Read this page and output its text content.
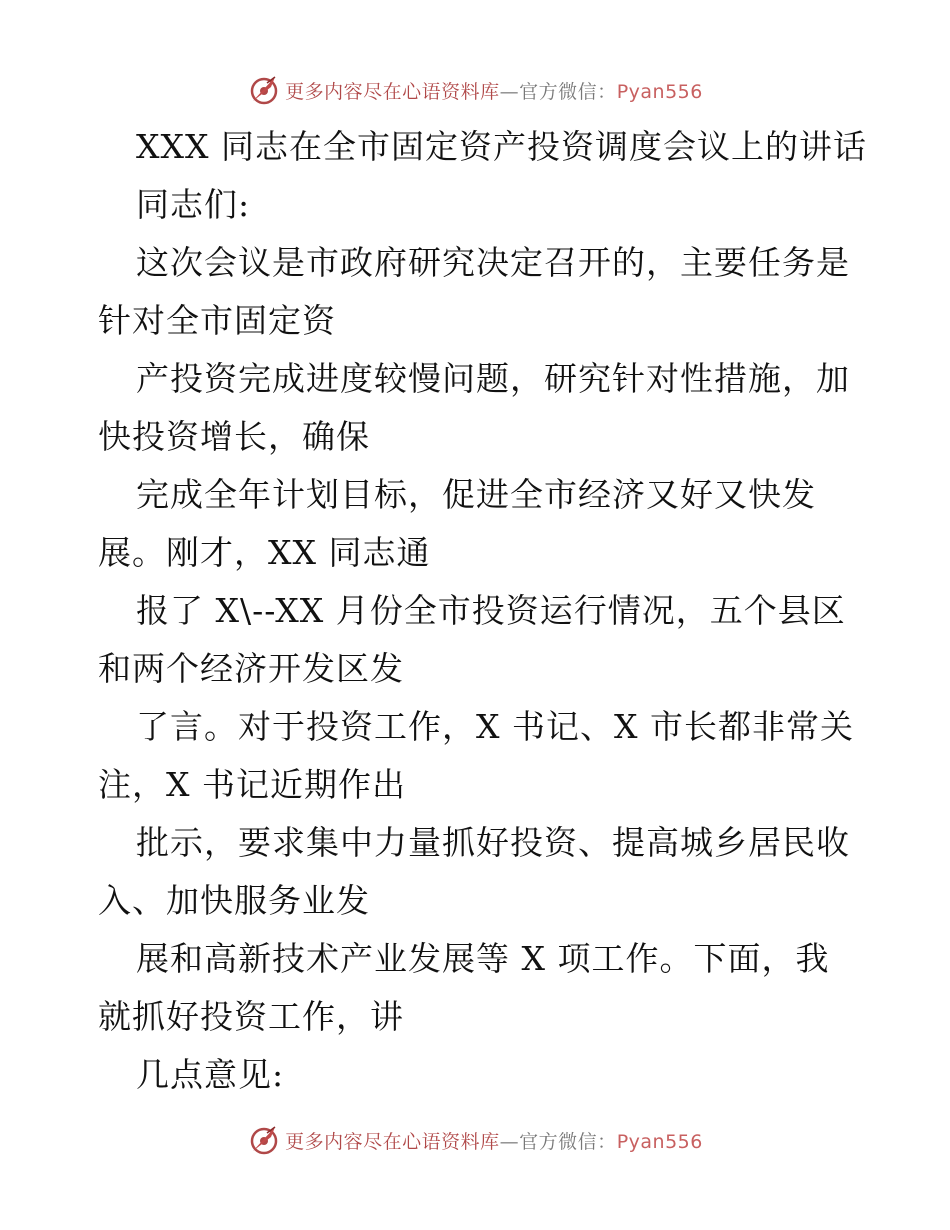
更多内容尽在心语资料库—官方微信：Pyan556
XXX 同志在全市固定资产投资调度会议上的讲话
同志们:
这次会议是市政府研究决定召开的，主要任务是
针对全市固定资
产投资完成进度较慢问题，研究针对性措施，加
快投资增长，确保
完成全年计划目标，促进全市经济又好又快发
展。刚才，XX 同志通
报了 X\--XX 月份全市投资运行情况，五个县区
和两个经济开发区发
了言。对于投资工作，X 书记、X 市长都非常关
注，X 书记近期作出
批示，要求集中力量抓好投资、提高城乡居民收
入、加快服务业发
展和高新技术产业发展等 X 项工作。下面，我
就抓好投资工作，讲
几点意见:
更多内容尽在心语资料库—官方微信：Pyan556
